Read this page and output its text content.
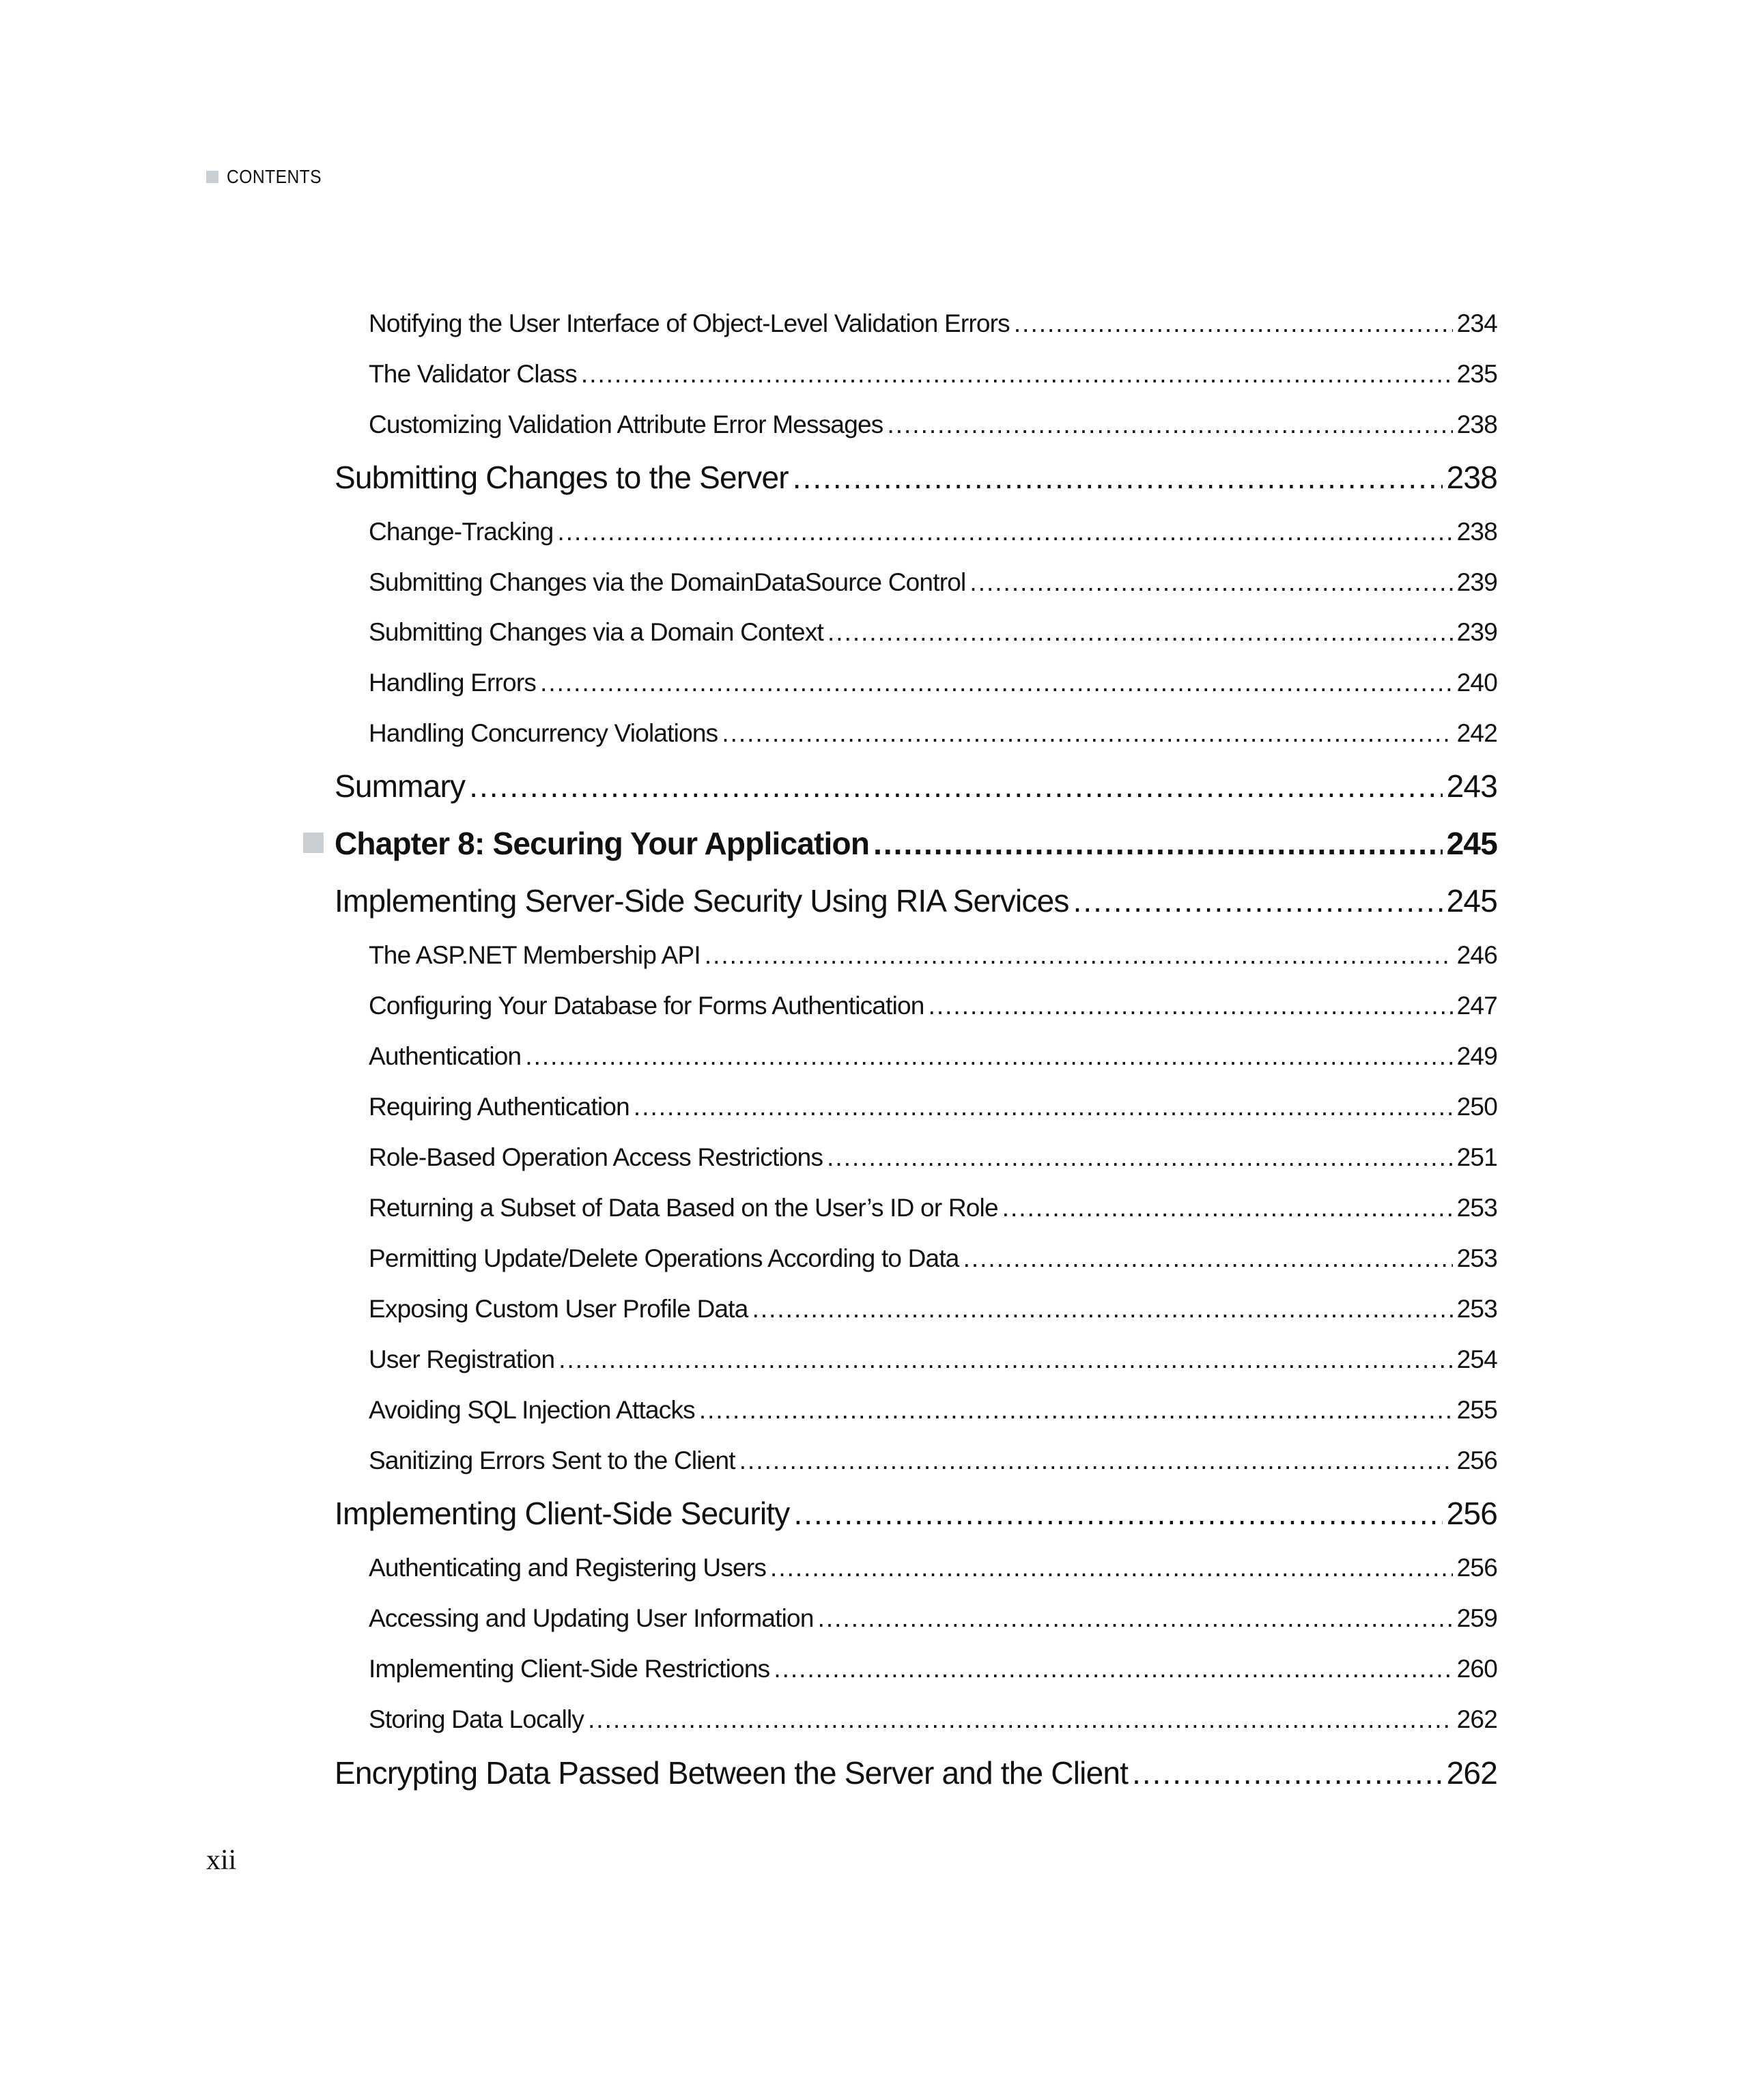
CONTENTS
Notifying the User Interface of Object-Level Validation Errors .....	234
The Validator Class .....	235
Customizing Validation Attribute Error Messages .....	238
Submitting Changes to the Server .....	238
Change-Tracking .....	238
Submitting Changes via the DomainDataSource Control .....	239
Submitting Changes via a Domain Context .....	239
Handling Errors .....	240
Handling Concurrency Violations .....	242
Summary .....	243
Chapter 8: Securing Your Application .....	245
Implementing Server-Side Security Using RIA Services .....	245
The ASP.NET Membership API .....	246
Configuring Your Database for Forms Authentication .....	247
Authentication .....	249
Requiring Authentication .....	250
Role-Based Operation Access Restrictions .....	251
Returning a Subset of Data Based on the User’s ID or Role .....	253
Permitting Update/Delete Operations According to Data .....	253
Exposing Custom User Profile Data .....	253
User Registration .....	254
Avoiding SQL Injection Attacks .....	255
Sanitizing Errors Sent to the Client .....	256
Implementing Client-Side Security .....	256
Authenticating and Registering Users .....	256
Accessing and Updating User Information .....	259
Implementing Client-Side Restrictions .....	260
Storing Data Locally .....	262
Encrypting Data Passed Between the Server and the Client .....	262
xii
